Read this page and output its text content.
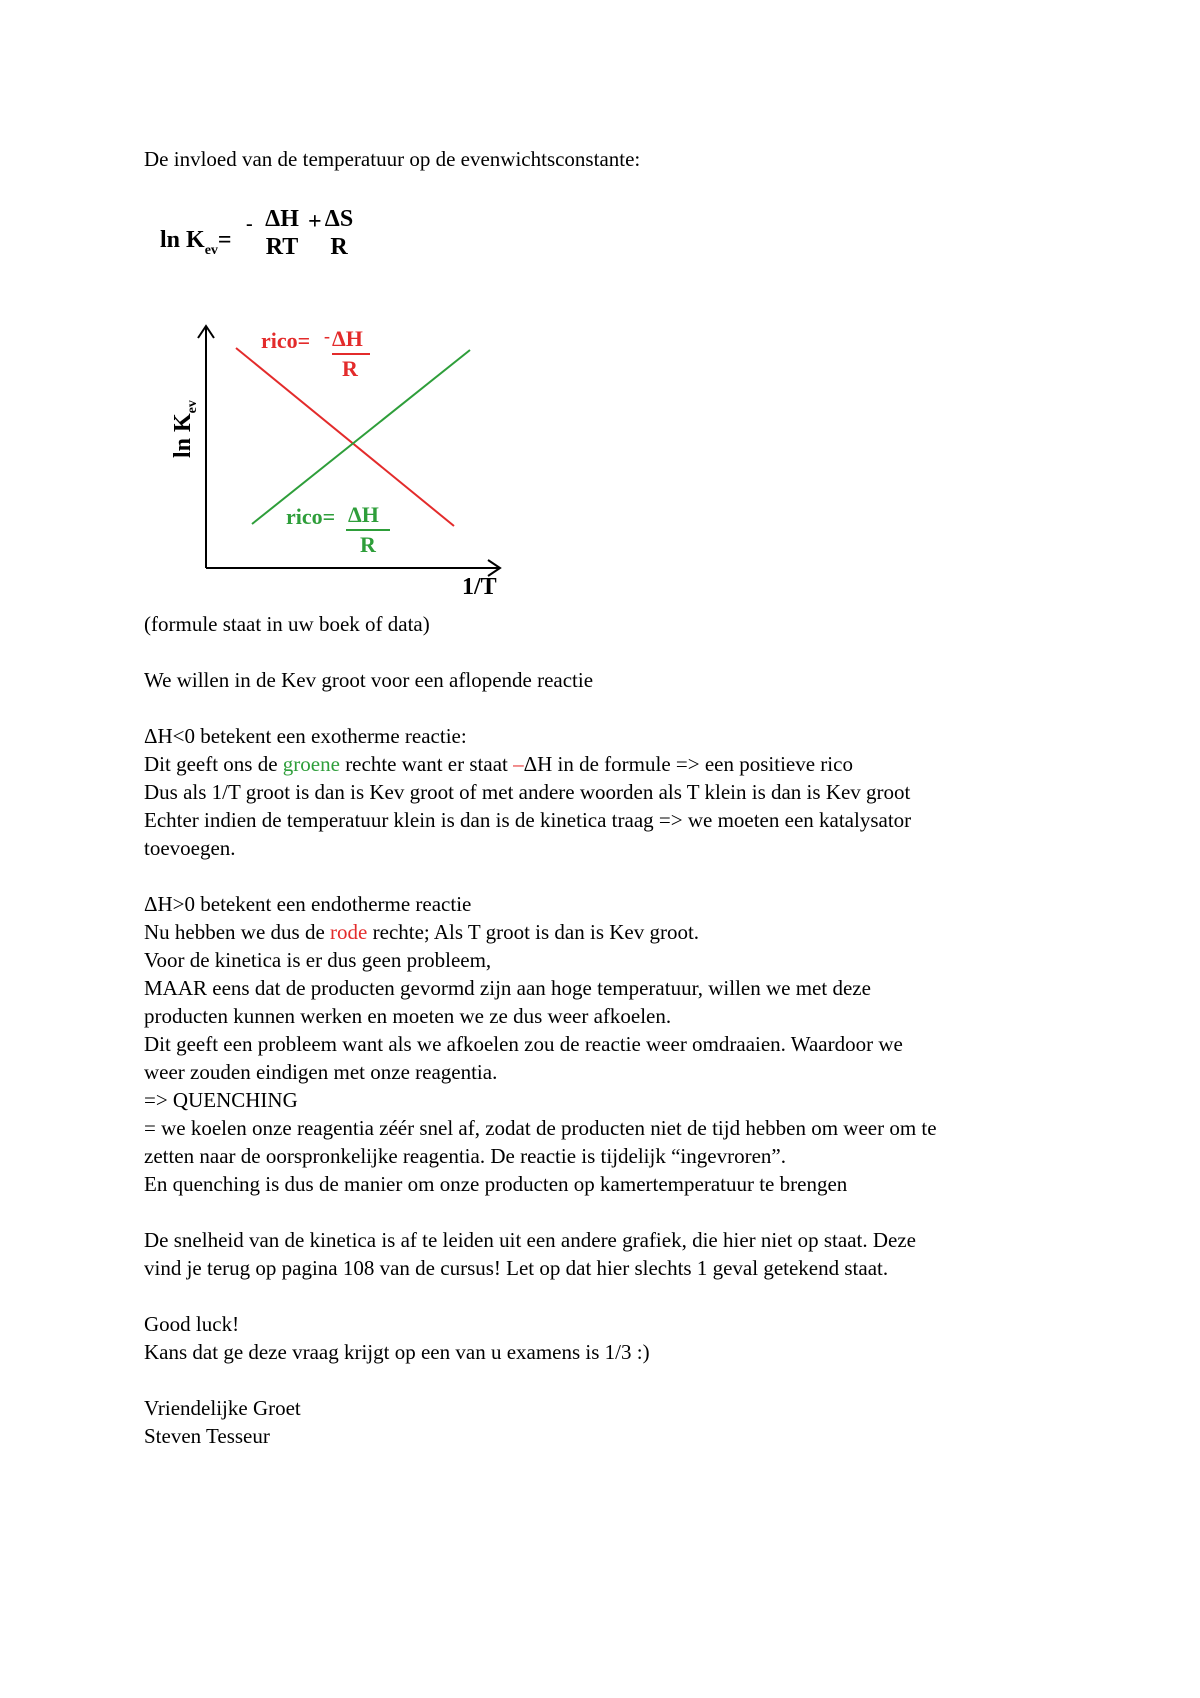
De invloed van de temperatuur op de evenwichtsconstante:
$\ln K_{ev}=$
- ΔH
RT
+ ΔS
R
$\ln K_{ev}$
1/T
rico= - ΔH
R
rico= ΔH
R
(formule staat in uw boek of data)
We willen in de Kev groot voor een aflopende reactie
ΔH<0 betekent een exotherme reactie:
Dit geeft ons de groene rechte want er staat –ΔH in de formule => een positieve rico
Dus als 1/T groot is dan is Kev groot of met andere woorden als T klein is dan is Kev groot
Echter indien de temperatuur klein is dan is de kinetica traag => we moeten een katalysator
toevoegen.
ΔH>0 betekent een endotherme reactie
Nu hebben we dus de rode rechte; Als T groot is dan is Kev groot.
Voor de kinetica is er dus geen probleem,
MAAR eens dat de producten gevormd zijn aan hoge temperatuur, willen we met deze
producten kunnen werken en moeten we ze dus weer afkoelen.
Dit geeft een probleem want als we afkoelen zou de reactie weer omdraaien. Waardoor we
weer zouden eindigen met onze reagentia.
=> QUENCHING
= we koelen onze reagentia zéér snel af, zodat de producten niet de tijd hebben om weer om te
zetten naar de oorspronkelijke reagentia. De reactie is tijdelijk “ingevroren”.
En quenching is dus de manier om onze producten op kamertemperatuur te brengen
De snelheid van de kinetica is af te leiden uit een andere grafiek, die hier niet op staat. Deze
vind je terug op pagina 108 van de cursus! Let op dat hier slechts 1 geval getekend staat.
Good luck!
Kans dat ge deze vraag krijgt op een van u examens is 1/3 :)
Vriendelijke Groet
Steven Tesseur
